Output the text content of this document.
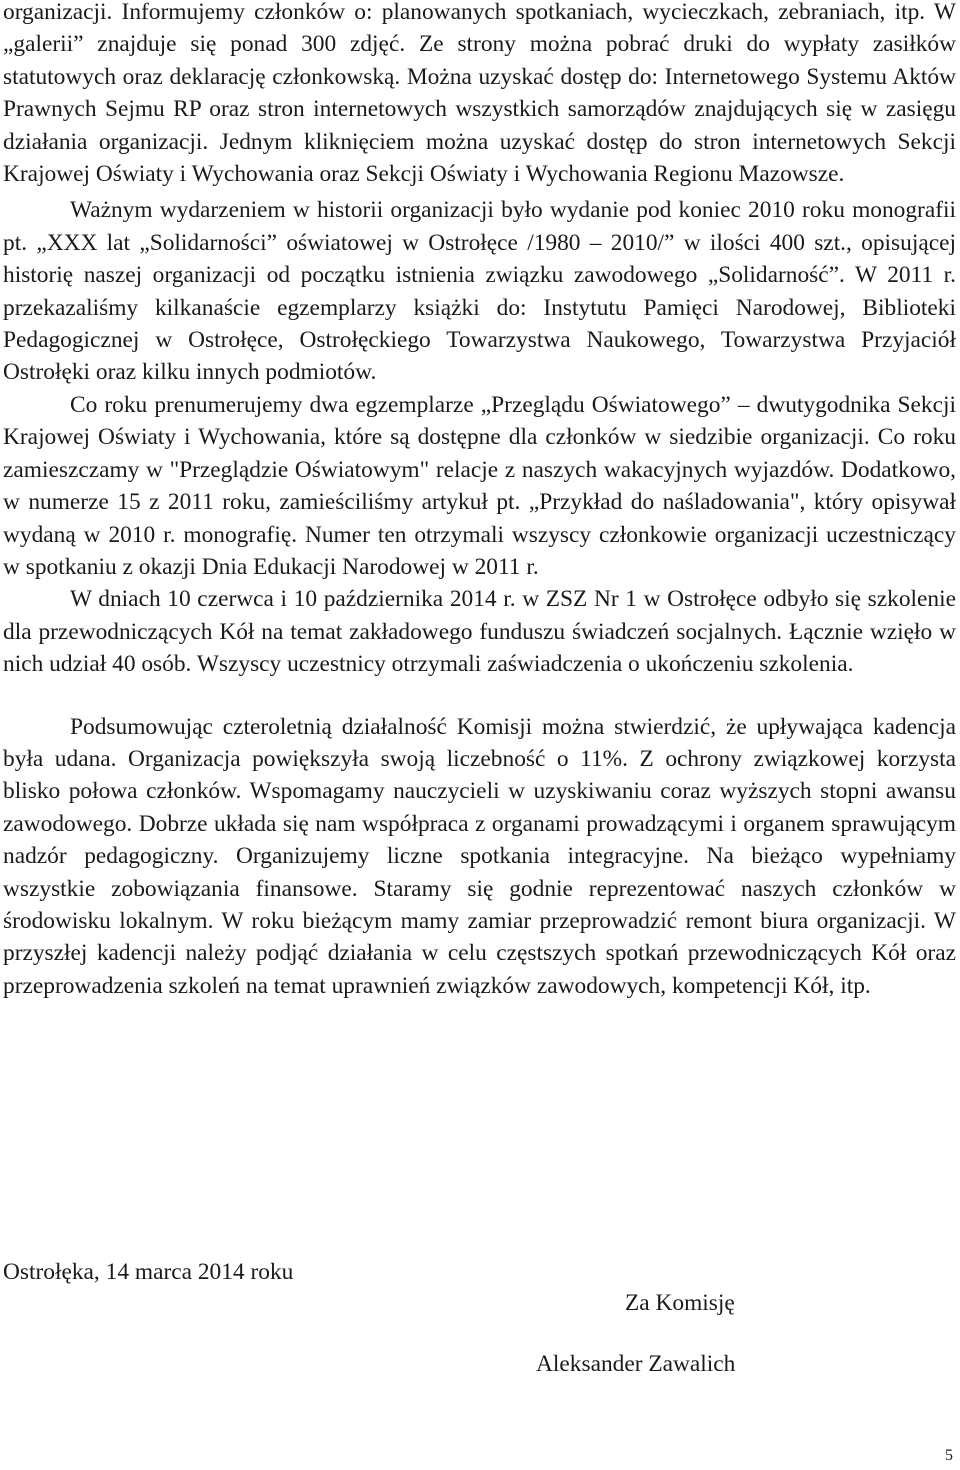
organizacji. Informujemy członków o: planowanych spotkaniach, wycieczkach, zebraniach, itp. W „galerii” znajduje się ponad 300 zdjęć. Ze strony można pobrać druki do wypłaty zasiłków statutowych oraz deklarację członkowską. Można uzyskać dostęp do: Internetowego Systemu Aktów Prawnych Sejmu RP oraz stron internetowych wszystkich samorządów znajdujących się w zasięgu działania organizacji. Jednym kliknięciem można uzyskać dostęp do stron internetowych Sekcji Krajowej Oświaty i Wychowania oraz Sekcji Oświaty i Wychowania Regionu Mazowsze.

Ważnym wydarzeniem w historii organizacji było wydanie pod koniec 2010 roku monografii pt. „XXX lat „Solidarności” oświatowej w Ostrołęce /1980 – 2010/” w ilości 400 szt., opisującej historię naszej organizacji od początku istnienia związku zawodowego „Solidarność”. W 2011 r. przekazaliśmy kilkanaście egzemplarzy książki do: Instytutu Pamięci Narodowej, Biblioteki Pedagogicznej w Ostrołęce, Ostrołęckiego Towarzystwa Naukowego, Towarzystwa Przyjaciół Ostrołęki oraz kilku innych podmiotów.

Co roku prenumerujemy dwa egzemplarze „Przeglądu Oświatowego” – dwutygodnika Sekcji Krajowej Oświaty i Wychowania, które są dostępne dla członków w siedzibie organizacji. Co roku zamieszczamy w "Przeglądzie Oświatowym" relacje z naszych wakacyjnych wyjazdów. Dodatkowo, w numerze 15 z 2011 roku, zamieściliśmy artykuł pt. „Przykład do naśladowania", który opisywał wydaną w 2010 r. monografię. Numer ten otrzymali wszyscy członkowie organizacji uczestniczący w spotkaniu z okazji Dnia Edukacji Narodowej w 2011 r.

W dniach 10 czerwca i 10 października 2014 r. w ZSZ Nr 1 w Ostrołęce odbyło się szkolenie dla przewodniczących Kół na temat zakładowego funduszu świadczeń socjalnych. Łącznie wzięło w nich udział 40 osób. Wszyscy uczestnicy otrzymali zaświadczenia o ukończeniu szkolenia.

Podsumowując czteroletnią działalność Komisji można stwierdzić, że upływająca kadencja była udana. Organizacja powiększyła swoją liczebność o 11%. Z ochrony związkowej korzysta blisko połowa członków. Wspomagamy nauczycieli w uzyskiwaniu coraz wyższych stopni awansu zawodowego. Dobrze układa się nam współpraca z organami prowadzącymi i organem sprawującym nadzór pedagogiczny. Organizujemy liczne spotkania integracyjne. Na bieżąco wypełniamy wszystkie zobowiązania finansowe. Staramy się godnie reprezentować naszych członków w środowisku lokalnym. W roku bieżącym mamy zamiar przeprowadzić remont biura organizacji. W przyszłej kadencji należy podjąć działania w celu częstszych spotkań przewodniczących Kół oraz przeprowadzenia szkoleń na temat uprawnień związków zawodowych, kompetencji Kół, itp.

Ostrołęka, 14 marca 2014 roku

Za Komisję

Aleksander Zawalich

5
